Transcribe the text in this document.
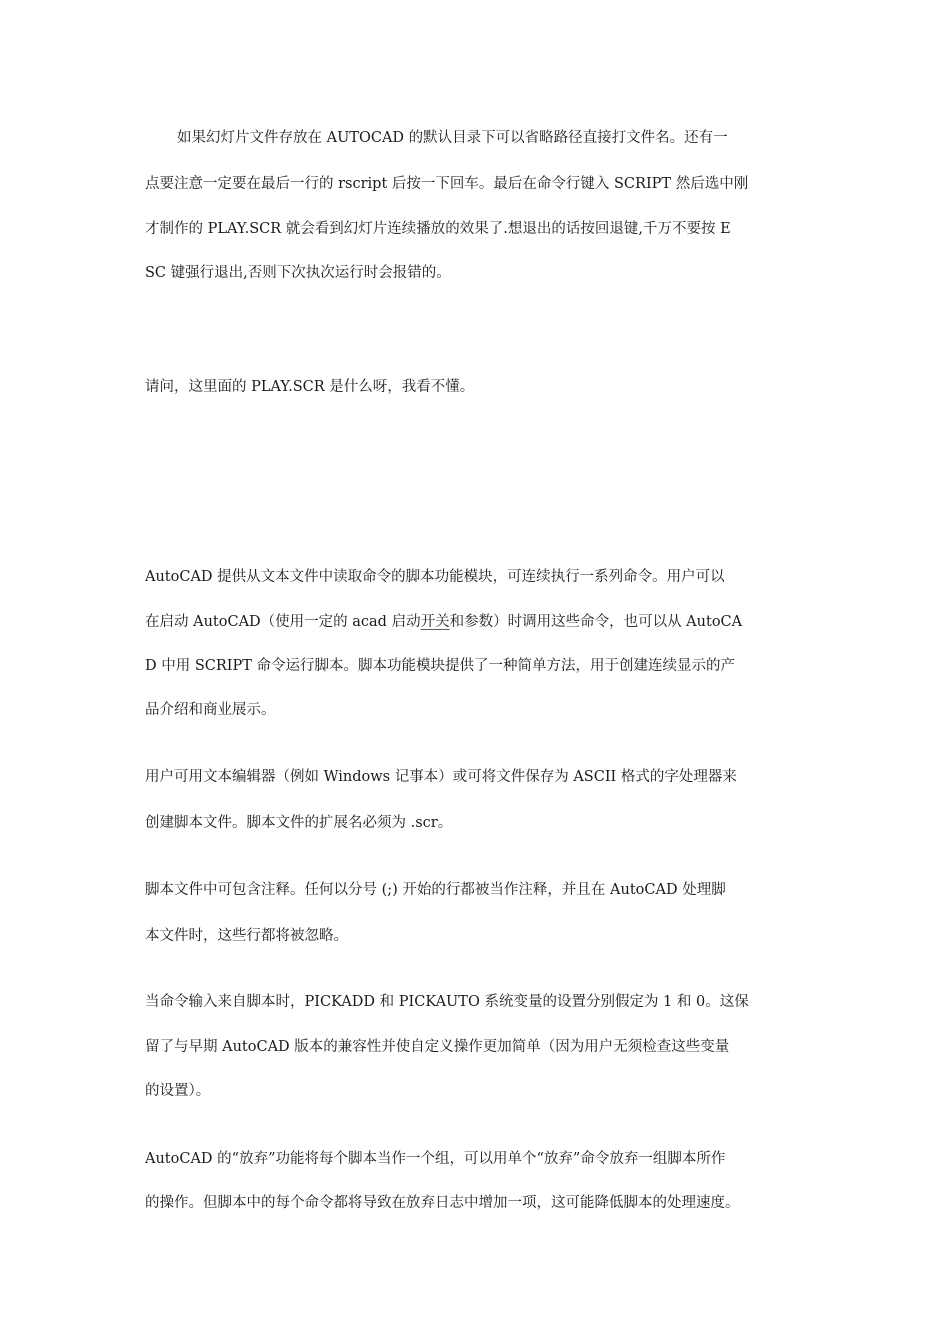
如果幻灯片文件存放在 AUTOCAD 的默认目录下可以省略路径直接打文件名。还有一
点要注意一定要在最后一行的 rscript 后按一下回车。最后在命令行键入 SCRIPT 然后选中刚
才制作的 PLAY.SCR 就会看到幻灯片连续播放的效果了.想退出的话按回退键,千万不要按 E
SC 键强行退出,否则下次执次运行时会报错的。
请问，这里面的 PLAY.SCR 是什么呀，我看不懂。
AutoCAD 提供从文本文件中读取命令的脚本功能模块，可连续执行一系列命令。用户可以
在启动 AutoCAD（使用一定的 acad 启动开关和参数）时调用这些命令，也可以从 AutoCA
D 中用 SCRIPT 命令运行脚本。脚本功能模块提供了一种简单方法，用于创建连续显示的产
品介绍和商业展示。
用户可用文本编辑器（例如 Windows 记事本）或可将文件保存为 ASCII 格式的字处理器来
创建脚本文件。脚本文件的扩展名必须为 .scr。
脚本文件中可包含注释。任何以分号 (;) 开始的行都被当作注释，并且在 AutoCAD 处理脚
本文件时，这些行都将被忽略。
当命令输入来自脚本时，PICKADD 和 PICKAUTO 系统变量的设置分别假定为 1 和 0。这保
留了与早期 AutoCAD 版本的兼容性并使自定义操作更加简单（因为用户无须检查这些变量
的设置）。
AutoCAD 的“放弃”功能将每个脚本当作一个组，可以用单个“放弃”命令放弃一组脚本所作
的操作。但脚本中的每个命令都将导致在放弃日志中增加一项，这可能降低脚本的处理速度。
